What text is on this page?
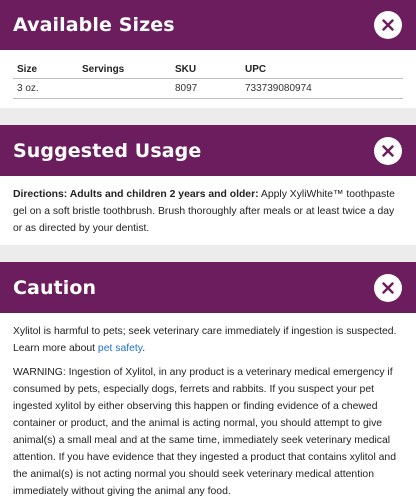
Available Sizes
Size	Servings	SKU	UPC
3 oz.		8097	733739080974
Suggested Usage

Directions: Adults and children 2 years and older: Apply XyliWhite™ toothpaste gel on a soft bristle toothbrush. Brush thoroughly after meals or at least twice a day or as directed by your dentist.

Caution

Xylitol is harmful to pets; seek veterinary care immediately if ingestion is suspected. Learn more about pet safety.

WARNING: Ingestion of Xylitol, in any product is a veterinary medical emergency if consumed by pets, especially dogs, ferrets and rabbits. If you suspect your pet ingested xylitol by either observing this happen or finding evidence of a chewed container or product, and the animal is acting normal, you should attempt to give animal(s) a small meal and at the same time, immediately seek veterinary medical attention. If you have evidence that they ingested a product that contains xylitol and the animal(s) is not acting normal you should seek veterinary medical attention immediately without giving the animal any food.
